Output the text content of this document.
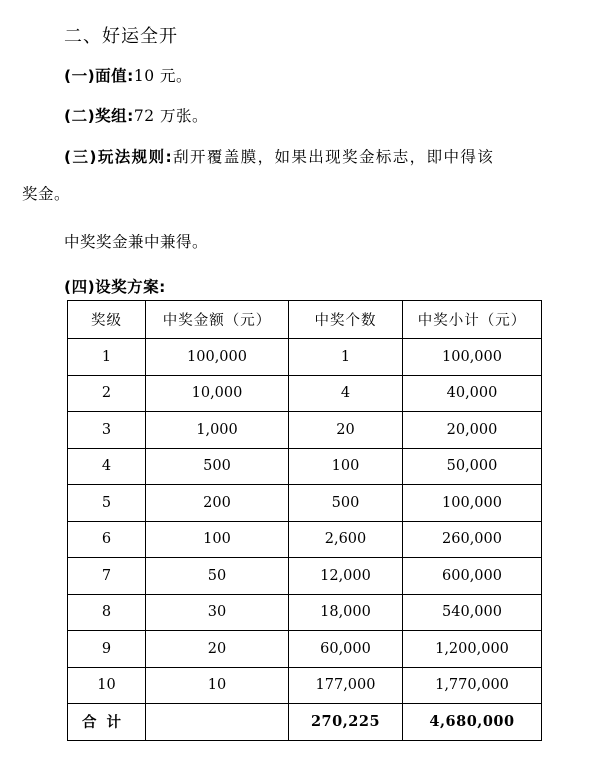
二、好运全开
(一)面值:10 元。
(二)奖组:72 万张。
(三)玩法规则:刮开覆盖膜，如果出现奖金标志，即中得该
奖金。
中奖奖金兼中兼得。
(四)设奖方案:
奖级	中奖金额（元）	中奖个数	中奖小计（元）
1	100,000	1	100,000
2	10,000	4	40,000
3	1,000	20	20,000
4	500	100	50,000
5	200	500	100,000
6	100	2,600	260,000
7	50	12,000	600,000
8	30	18,000	540,000
9	20	60,000	1,200,000
10	10	177,000	1,770,000
合计		270,225	4,680,000
